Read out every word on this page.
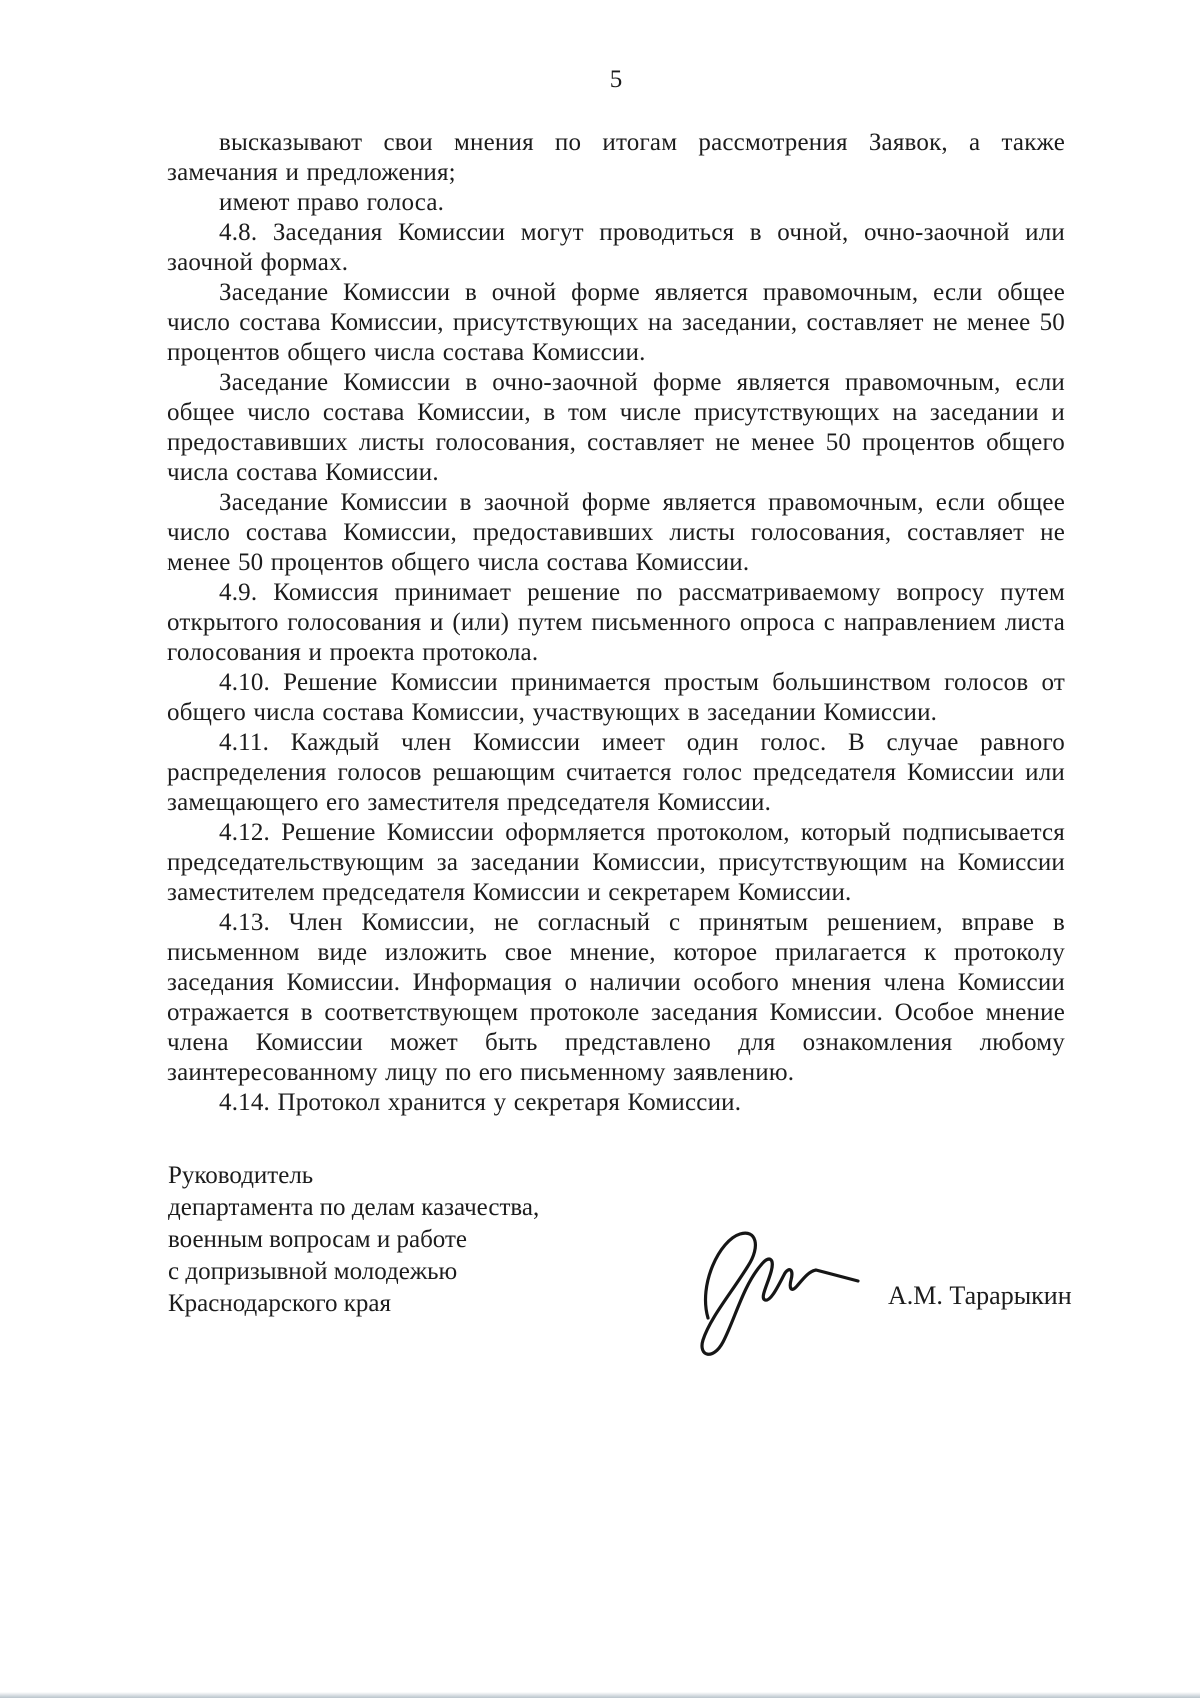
5

высказывают свои мнения по итогам рассмотрения Заявок, а также замечания и предложения;

имеют право голоса.

4.8. Заседания Комиссии могут проводиться в очной, очно-заочной или заочной формах.

Заседание Комиссии в очной форме является правомочным, если общее число состава Комиссии, присутствующих на заседании, составляет не менее 50 процентов общего числа состава Комиссии.

Заседание Комиссии в очно-заочной форме является правомочным, если общее число состава Комиссии, в том числе присутствующих на заседании и предоставивших листы голосования, составляет не менее 50 процентов общего числа состава Комиссии.

Заседание Комиссии в заочной форме является правомочным, если общее число состава Комиссии, предоставивших листы голосования, составляет не менее 50 процентов общего числа состава Комиссии.

4.9. Комиссия принимает решение по рассматриваемому вопросу путем открытого голосования и (или) путем письменного опроса с направлением листа голосования и проекта протокола.

4.10. Решение Комиссии принимается простым большинством голосов от общего числа состава Комиссии, участвующих в заседании Комиссии.

4.11. Каждый член Комиссии имеет один голос. В случае равного распределения голосов решающим считается голос председателя Комиссии или замещающего его заместителя председателя Комиссии.

4.12. Решение Комиссии оформляется протоколом, который подписывается председательствующим за заседании Комиссии, присутствующим на Комиссии заместителем председателя Комиссии и секретарем Комиссии.

4.13. Член Комиссии, не согласный с принятым решением, вправе в письменном виде изложить свое мнение, которое прилагается к протоколу заседания Комиссии. Информация о наличии особого мнения члена Комиссии отражается в соответствующем протоколе заседания Комиссии. Особое мнение члена Комиссии может быть представлено для ознакомления любому заинтересованному лицу по его письменному заявлению.

4.14. Протокол хранится у секретаря Комиссии.

Руководитель
департамента по делам казачества,
военным вопросам и работе
с допризывной молодежью
Краснодарского края	А.М. Тарарыкин
